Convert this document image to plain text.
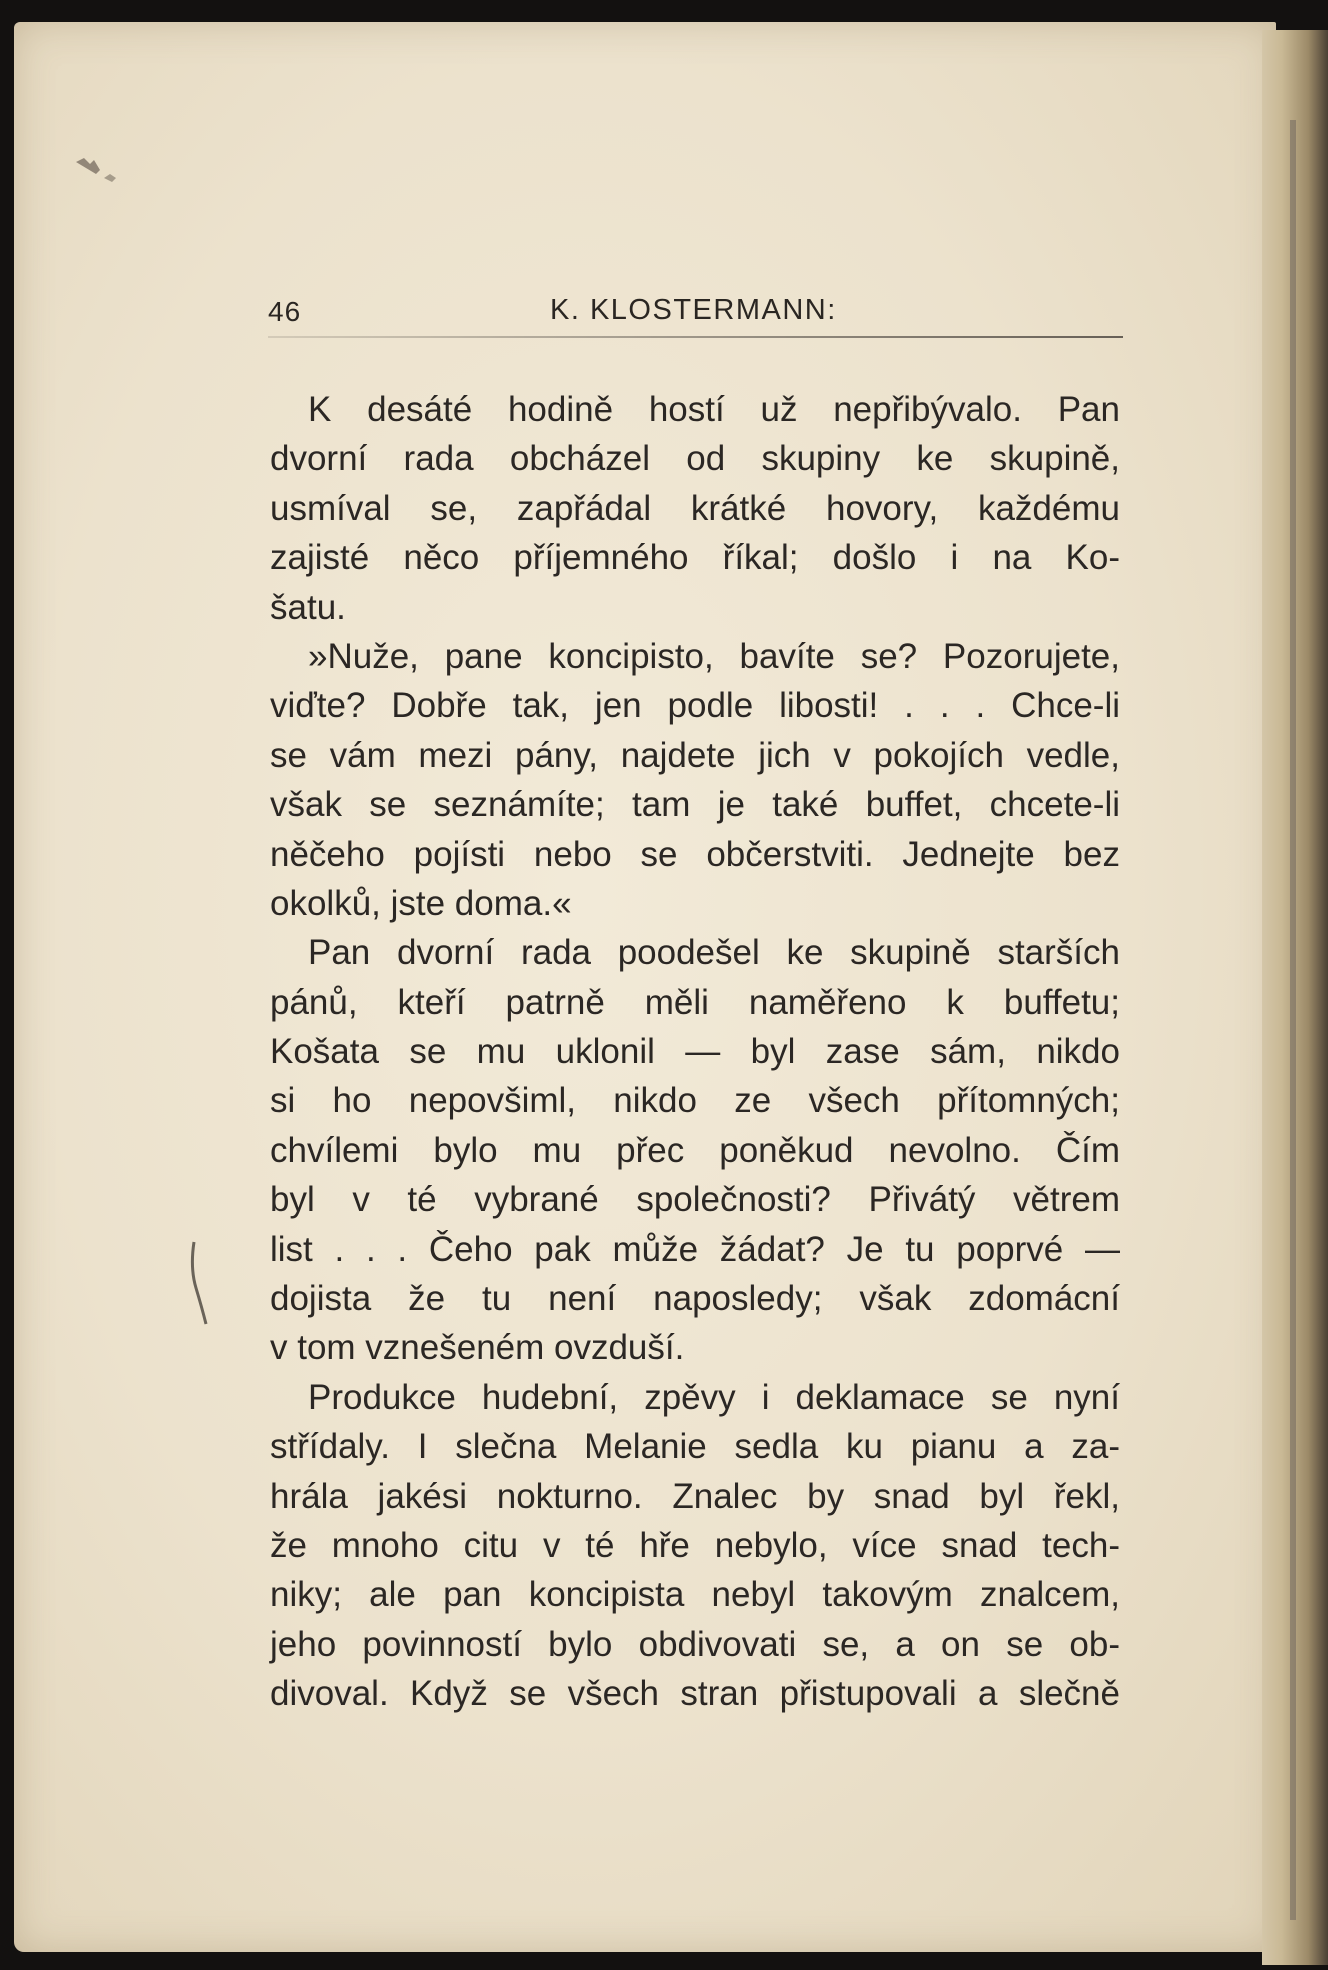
46	K. KLOSTERMANN:
K desáté hodině hostí už nepřibývalo. Pan
dvorní rada obcházel od skupiny ke skupině,
usmíval se, zapřádal krátké hovory, každému
zajisté něco příjemného říkal; došlo i na Ko-
šatu.
»Nuže, pane koncipisto, bavíte se? Pozorujete,
viďte? Dobře tak, jen podle libosti! . . . Chce-li
se vám mezi pány, najdete jich v pokojích vedle,
však se seznámíte; tam je také buffet, chcete-li
něčeho pojísti nebo se občerstviti. Jednejte bez
okolků, jste doma.«
Pan dvorní rada poodešel ke skupině starších
pánů, kteří patrně měli naměřeno k buffetu;
Košata se mu uklonil — byl zase sám, nikdo
si ho nepovšiml, nikdo ze všech přítomných;
chvílemi bylo mu přec poněkud nevolno. Čím
byl v té vybrané společnosti? Přivátý větrem
list . . . Čeho pak může žádat? Je tu poprvé —
dojista že tu není naposledy; však zdomácní
v tom vznešeném ovzduší.
Produkce hudební, zpěvy i deklamace se nyní
střídaly. I slečna Melanie sedla ku pianu a za-
hrála jakési nokturno. Znalec by snad byl řekl,
že mnoho citu v té hře nebylo, více snad tech-
niky; ale pan koncipista nebyl takovým znalcem,
jeho povinností bylo obdivovati se, a on se ob-
divoval. Když se všech stran přistupovali a slečně
